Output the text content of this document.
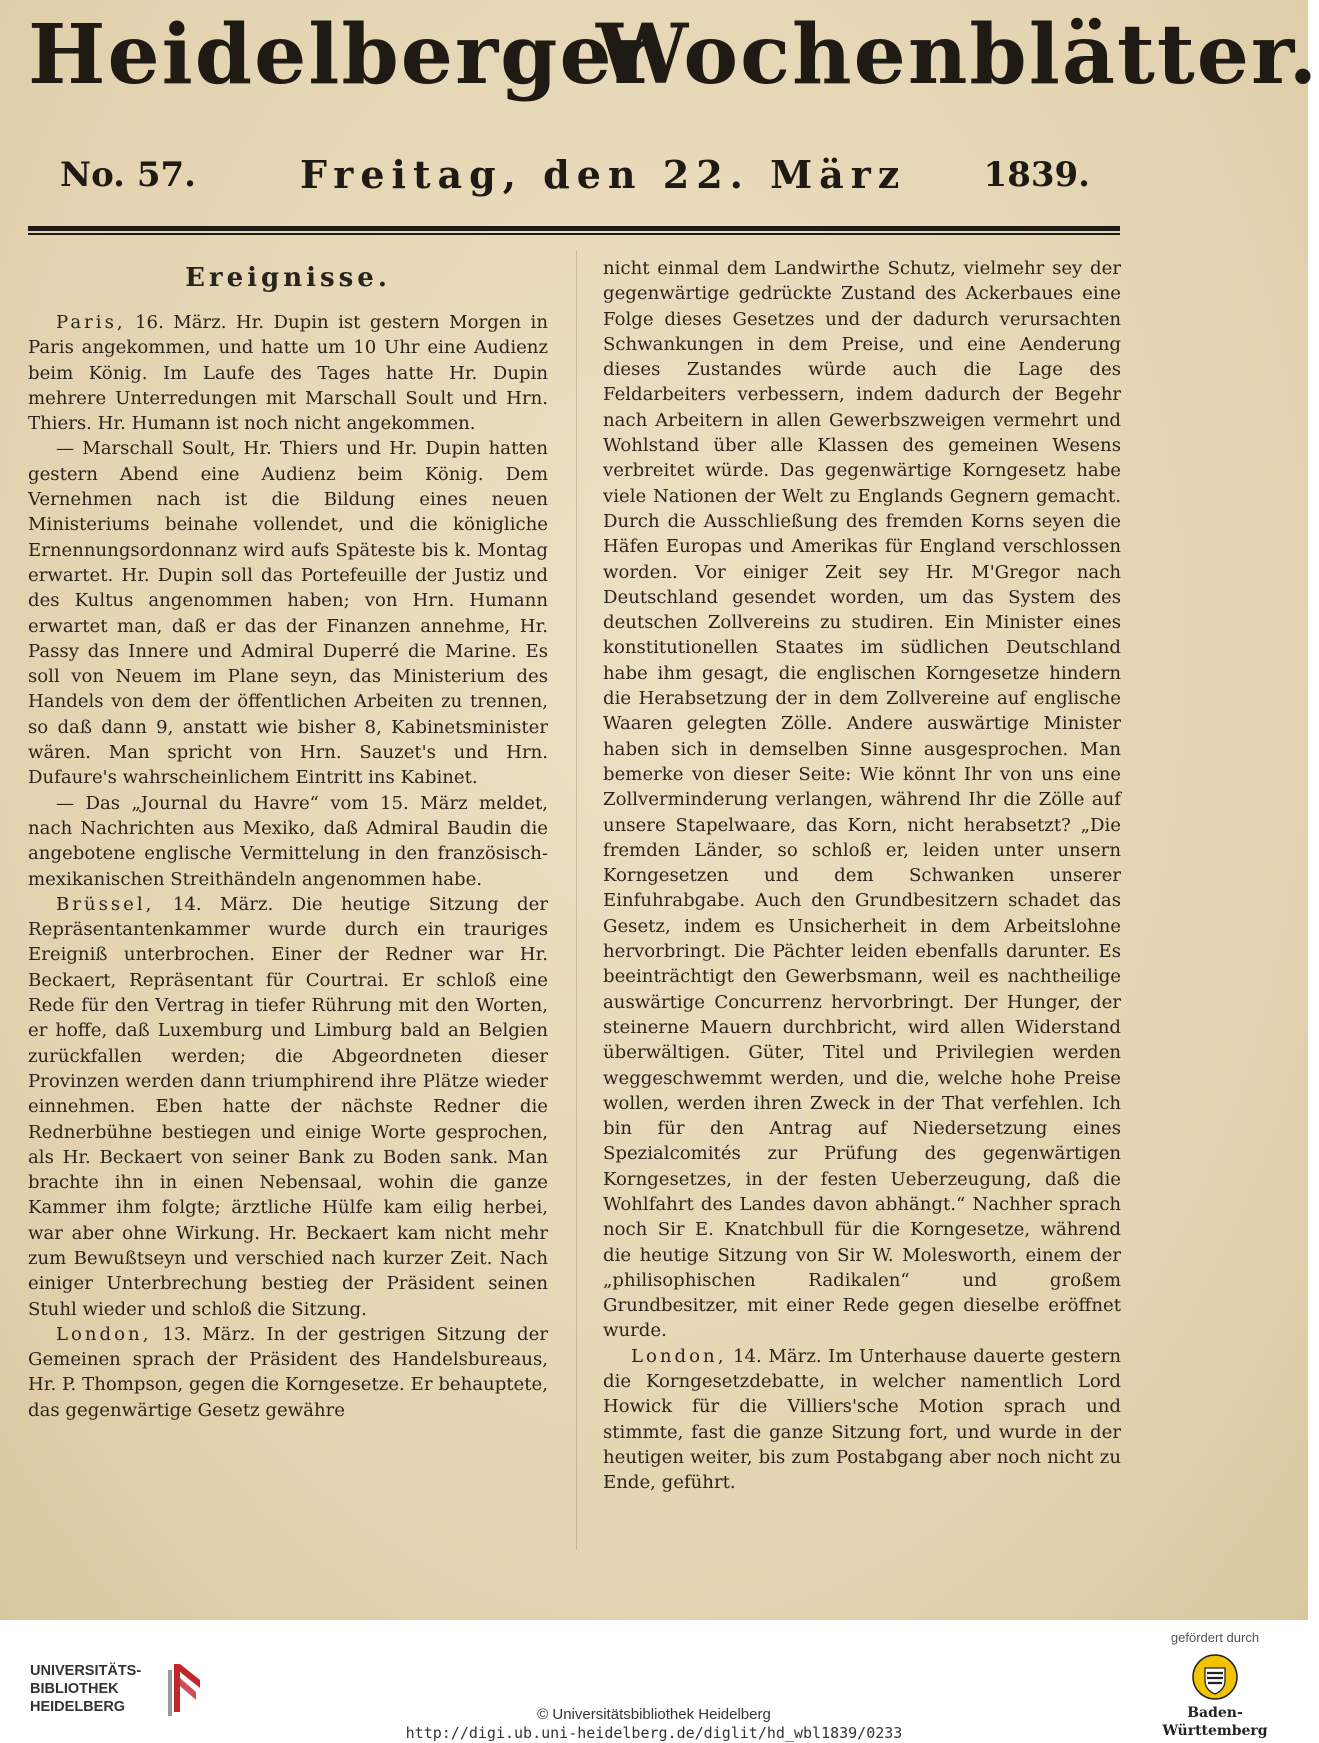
Heidelberger
Wochenblätter.
No. 57.	Freitag, den 22. März 1839.
Ereignisse.

Paris, 16. März. Hr. Dupin ist gestern Morgen in Paris angekommen, und hatte um 10 Uhr eine Audienz beim König. Im Laufe des Tages hatte Hr. Dupin mehrere Unterredungen mit Marschall Soult und Hrn. Thiers. Hr. Humann ist noch nicht angekommen.

— Marschall Soult, Hr. Thiers und Hr. Dupin hatten gestern Abend eine Audienz beim König. Dem Vernehmen nach ist die Bildung eines neuen Ministeriums beinahe vollendet, und die königliche Ernennungsordonnanz wird aufs Späteste bis k. Montag erwartet. Hr. Dupin soll das Portefeuille der Justiz und des Kultus angenommen haben; von Hrn. Humann erwartet man, daß er das der Finanzen annehme, Hr. Passy das Innere und Admiral Duperré die Marine. Es soll von Neuem im Plane seyn, das Ministerium des Handels von dem der öffentlichen Arbeiten zu trennen, so daß dann 9, anstatt wie bisher 8, Kabinetsminister wären. Man spricht von Hrn. Sauzet's und Hrn. Dufaure's wahrscheinlichem Eintritt ins Kabinet.

— Das „Journal du Havre“ vom 15. März meldet, nach Nachrichten aus Mexiko, daß Admiral Baudin die angebotene englische Vermittelung in den französisch-mexikanischen Streithändeln angenommen habe.

Brüssel, 14. März. Die heutige Sitzung der Repräsentantenkammer wurde durch ein trauriges Ereigniß unterbrochen. Einer der Redner war Hr. Beckaert, Repräsentant für Courtrai. Er schloß eine Rede für den Vertrag in tiefer Rührung mit den Worten, er hoffe, daß Luxemburg und Limburg bald an Belgien zurückfallen werden; die Abgeordneten dieser Provinzen werden dann triumphirend ihre Plätze wieder einnehmen. Eben hatte der nächste Redner die Rednerbühne bestiegen und einige Worte gesprochen, als Hr. Beckaert von seiner Bank zu Boden sank. Man brachte ihn in einen Nebensaal, wohin die ganze Kammer ihm folgte; ärztliche Hülfe kam eilig herbei, war aber ohne Wirkung. Hr. Beckaert kam nicht mehr zum Bewußtseyn und verschied nach kurzer Zeit. Nach einiger Unterbrechung bestieg der Präsident seinen Stuhl wieder und schloß die Sitzung.

London, 13. März. In der gestrigen Sitzung der Gemeinen sprach der Präsident des Handelsbureaus, Hr. P. Thompson, gegen die Korngesetze. Er behauptete, das gegenwärtige Gesetz gewähre

nicht einmal dem Landwirthe Schutz, vielmehr sey der gegenwärtige gedrückte Zustand des Ackerbaues eine Folge dieses Gesetzes und der dadurch verursachten Schwankungen in dem Preise, und eine Aenderung dieses Zustandes würde auch die Lage des Feldarbeiters verbessern, indem dadurch der Begehr nach Arbeitern in allen Gewerbszweigen vermehrt und Wohlstand über alle Klassen des gemeinen Wesens verbreitet würde. Das gegenwärtige Korngesetz habe viele Nationen der Welt zu Englands Gegnern gemacht. Durch die Ausschließung des fremden Korns seyen die Häfen Europas und Amerikas für England verschlossen worden. Vor einiger Zeit sey Hr. M'Gregor nach Deutschland gesendet worden, um das System des deutschen Zollvereins zu studiren. Ein Minister eines konstitutionellen Staates im südlichen Deutschland habe ihm gesagt, die englischen Korngesetze hindern die Herabsetzung der in dem Zollvereine auf englische Waaren gelegten Zölle. Andere auswärtige Minister haben sich in demselben Sinne ausgesprochen. Man bemerke von dieser Seite: Wie könnt Ihr von uns eine Zollverminderung verlangen, während Ihr die Zölle auf unsere Stapelwaare, das Korn, nicht herabsetzt? „Die fremden Länder, so schloß er, leiden unter unsern Korngesetzen und dem Schwanken unserer Einfuhrabgabe. Auch den Grundbesitzern schadet das Gesetz, indem es Unsicherheit in dem Arbeitslohne hervorbringt. Die Pächter leiden ebenfalls darunter. Es beeinträchtigt den Gewerbsmann, weil es nachtheilige auswärtige Concurrenz hervorbringt. Der Hunger, der steinerne Mauern durchbricht, wird allen Widerstand überwältigen. Güter, Titel und Privilegien werden weggeschwemmt werden, und die, welche hohe Preise wollen, werden ihren Zweck in der That verfehlen. Ich bin für den Antrag auf Niedersetzung eines Spezialcomités zur Prüfung des gegenwärtigen Korngesetzes, in der festen Ueberzeugung, daß die Wohlfahrt des Landes davon abhängt.“ Nachher sprach noch Sir E. Knatchbull für die Korngesetze, während die heutige Sitzung von Sir W. Molesworth, einem der „philisophischen Radikalen“ und großem Grundbesitzer, mit einer Rede gegen dieselbe eröffnet wurde.

London, 14. März. Im Unterhause dauerte gestern die Korngesetzdebatte, in welcher namentlich Lord Howick für die Villiers'sche Motion sprach und stimmte, fast die ganze Sitzung fort, und wurde in der heutigen weiter, bis zum Postabgang aber noch nicht zu Ende, geführt.

UNIVERSITÄTS-
BIBLIOTHEK
HEIDELBERG	© Universitätsbibliothek Heidelberg
http://digi.ub.uni-heidelberg.de/diglit/hd_wbl1839/0233
gefördert durch
Baden-Württemberg
